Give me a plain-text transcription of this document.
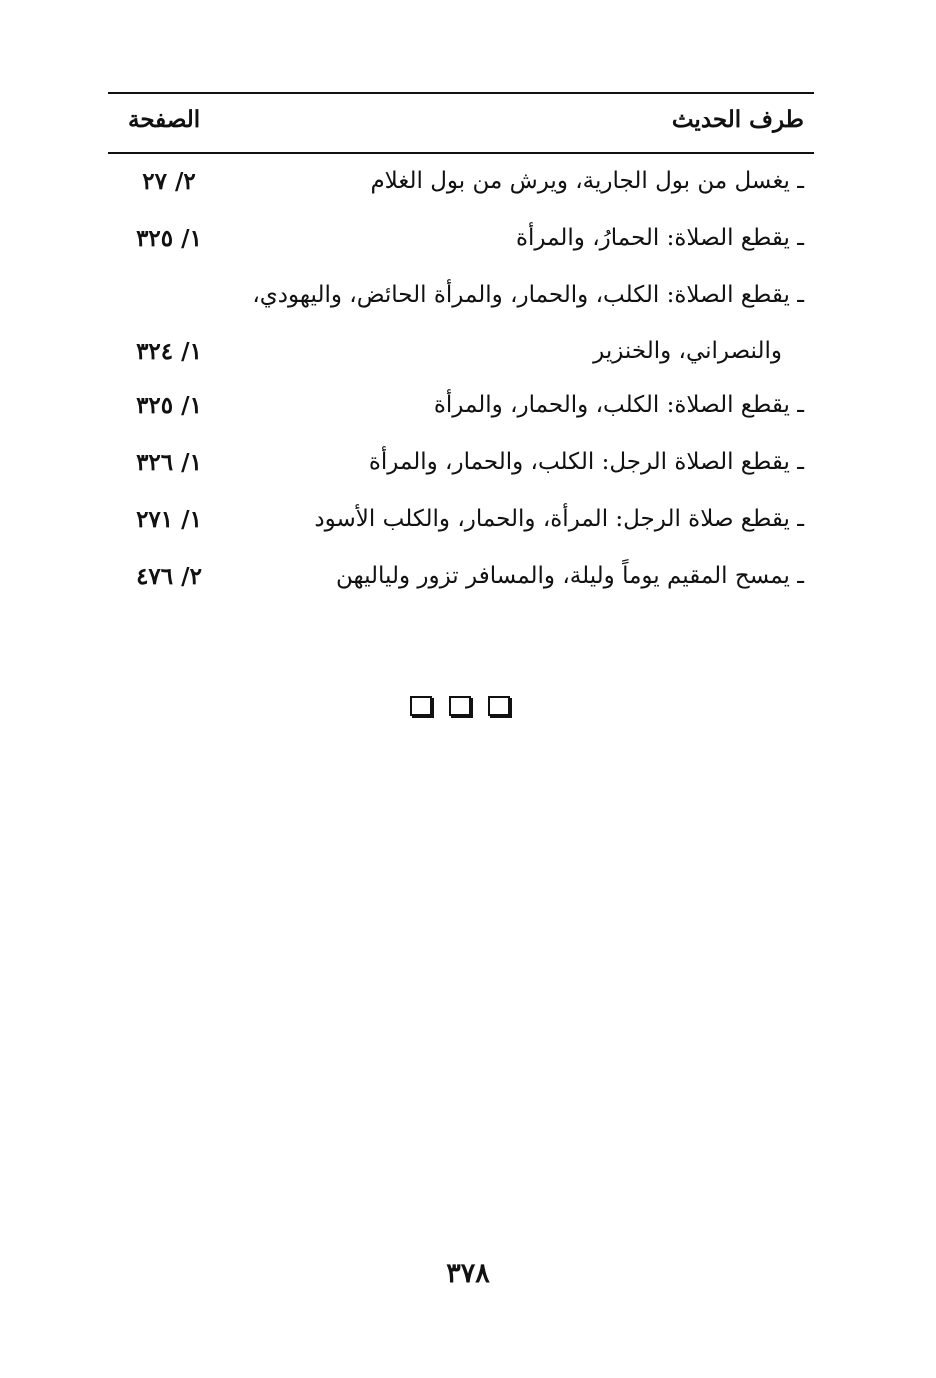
طرف الحديث
الصفحة
ـ يغسل من بول الجارية، ويرش من بول الغلام
٢/ ٢٧
ـ يقطع الصلاة: الحمارُ، والمرأة
١/ ٣٢٥
ـ يقطع الصلاة: الكلب، والحمار، والمرأة الحائض، واليهودي،
والنصراني، والخنزير
١/ ٣٢٤
ـ يقطع الصلاة: الكلب، والحمار، والمرأة
١/ ٣٢٥
ـ يقطع الصلاة الرجل: الكلب، والحمار، والمرأة
١/ ٣٢٦
ـ يقطع صلاة الرجل: المرأة، والحمار، والكلب الأسود
١/ ٢٧١
ـ يمسح المقيم يوماً وليلة، والمسافر تزور ولياليهن
٢/ ٤٧٦
٣٧٨
